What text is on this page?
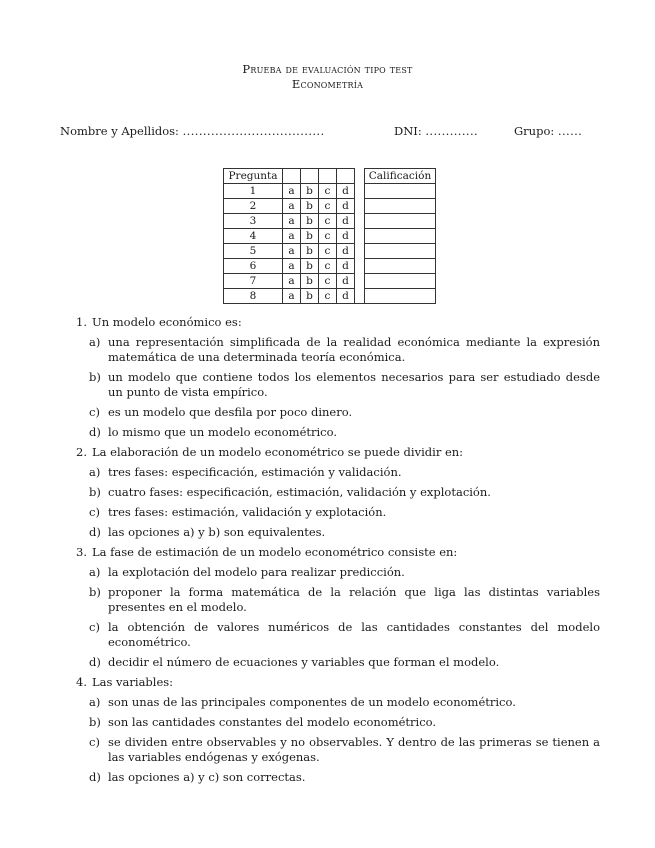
Prueba de evaluación tipo test
Econometría
Nombre y Apellidos: ...................................	DNI: .............	Grupo: ......
Pregunta						Calificación
1	a	b	c	d		
2	a	b	c	d		
3	a	b	c	d		
4	a	b	c	d		
5	a	b	c	d		
6	a	b	c	d		
7	a	b	c	d		
8	a	b	c	d		
1. Un modelo económico es:
a) una representación simplificada de la realidad económica mediante la expresión matemática de una determinada teoría económica.
b) un modelo que contiene todos los elementos necesarios para ser estudiado desde un punto de vista empírico.
c) es un modelo que desfila por poco dinero.
d) lo mismo que un modelo econométrico.
2. La elaboración de un modelo econométrico se puede dividir en:
a) tres fases: especificación, estimación y validación.
b) cuatro fases: especificación, estimación, validación y explotación.
c) tres fases: estimación, validación y explotación.
d) las opciones a) y b) son equivalentes.
3. La fase de estimación de un modelo econométrico consiste en:
a) la explotación del modelo para realizar predicción.
b) proponer la forma matemática de la relación que liga las distintas variables presentes en el modelo.
c) la obtención de valores numéricos de las cantidades constantes del modelo econométrico.
d) decidir el número de ecuaciones y variables que forman el modelo.
4. Las variables:
a) son unas de las principales componentes de un modelo econométrico.
b) son las cantidades constantes del modelo econométrico.
c) se dividen entre observables y no observables. Y dentro de las primeras se tienen a las variables endógenas y exógenas.
d) las opciones a) y c) son correctas.
